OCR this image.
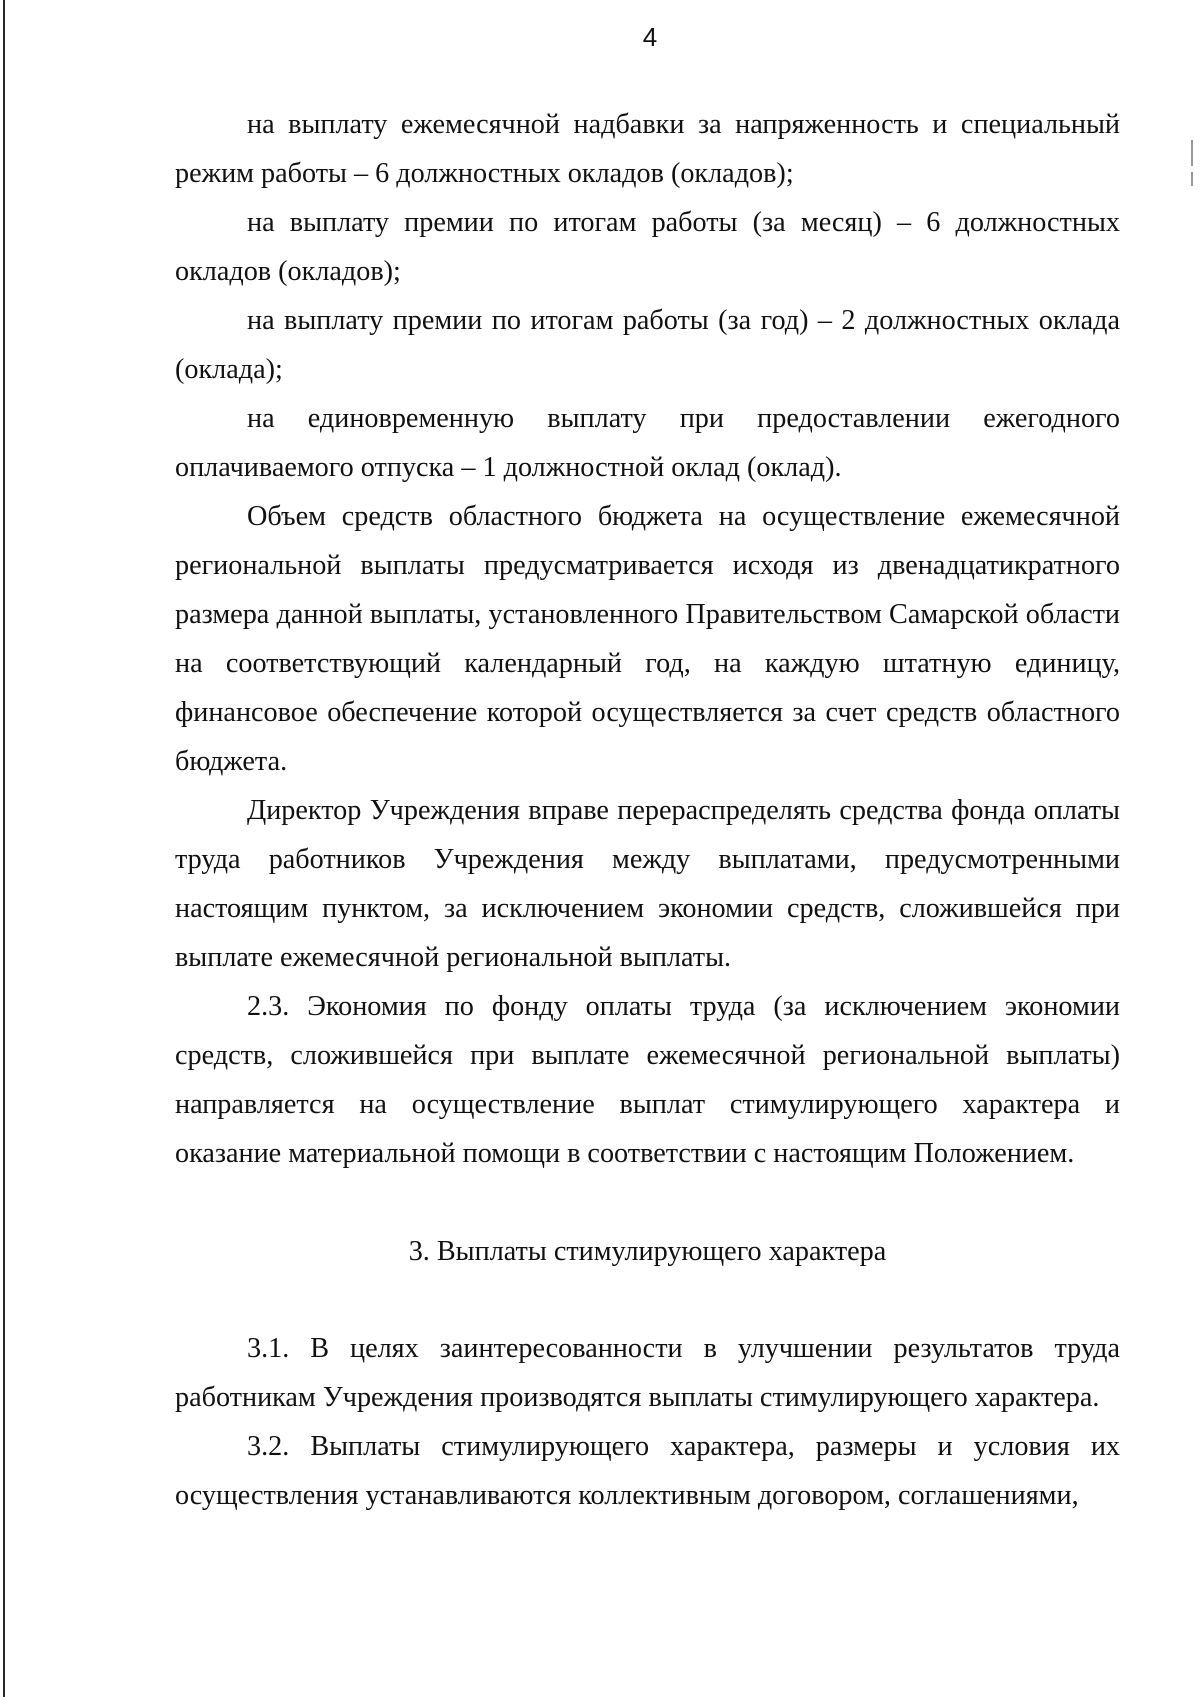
4

на выплату ежемесячной надбавки за напряженность и специальный режим работы – 6 должностных окладов (окладов);

на выплату премии по итогам работы (за месяц) – 6 должностных окладов (окладов);

на выплату премии по итогам работы (за год) – 2 должностных оклада (оклада);

на единовременную выплату при предоставлении ежегодного оплачиваемого отпуска – 1 должностной оклад (оклад).

Объем средств областного бюджета на осуществление ежемесячной региональной выплаты предусматривается исходя из двенадцатикратного размера данной выплаты, установленного Правительством Самарской области на соответствующий календарный год, на каждую штатную единицу, финансовое обеспечение которой осуществляется за счет средств областного бюджета.

Директор Учреждения вправе перераспределять средства фонда оплаты труда работников Учреждения между выплатами, предусмотренными настоящим пунктом, за исключением экономии средств, сложившейся при выплате ежемесячной региональной выплаты.

2.3. Экономия по фонду оплаты труда (за исключением экономии средств, сложившейся при выплате ежемесячной региональной выплаты) направляется на осуществление выплат стимулирующего характера и оказание материальной помощи в соответствии с настоящим Положением.

3. Выплаты стимулирующего характера

3.1. В целях заинтересованности в улучшении результатов труда работникам Учреждения производятся выплаты стимулирующего характера.

3.2. Выплаты стимулирующего характера, размеры и условия их осуществления устанавливаются коллективным договором, соглашениями,
